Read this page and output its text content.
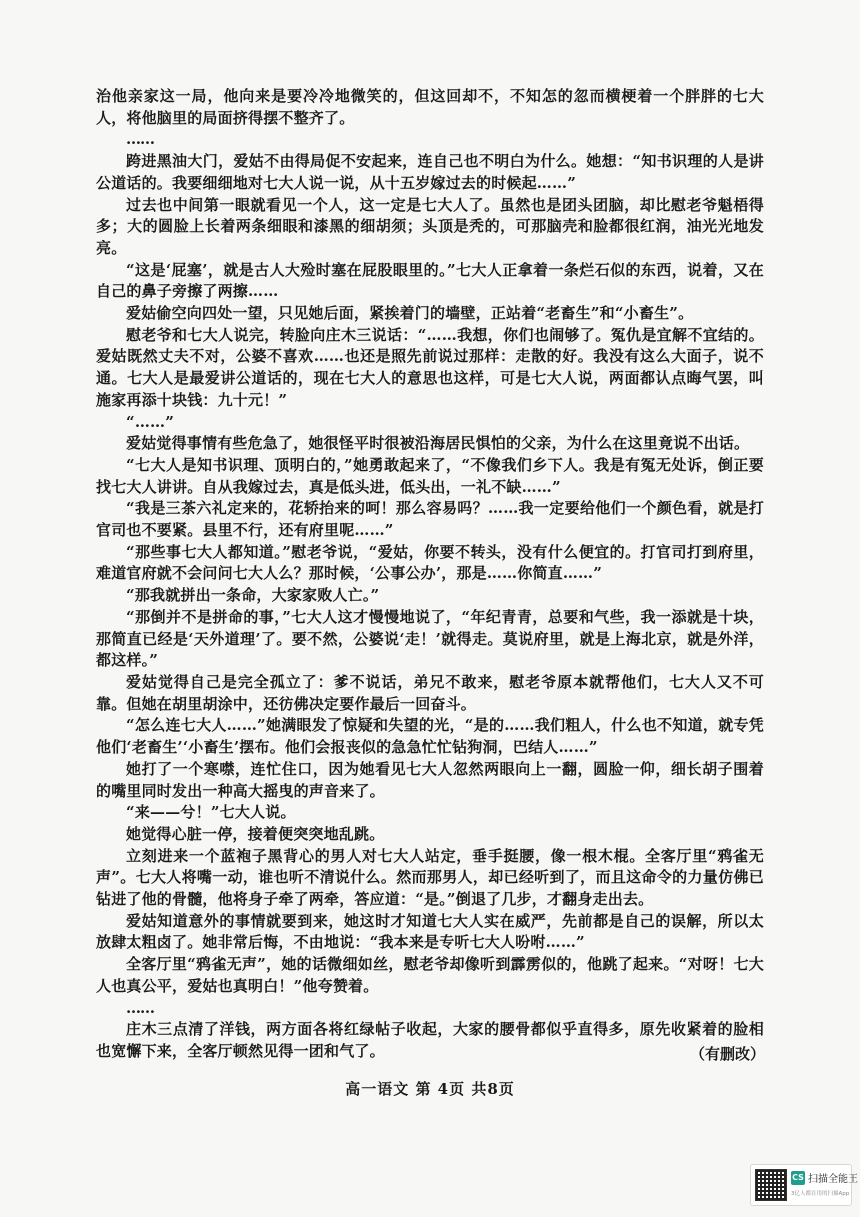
治他亲家这一局，他向来是要冷冷地微笑的，但这回却不，不知怎的忽而横梗着一个胖胖的七大人，将他脑里的局面挤得摆不整齐了。

……

跨进黑油大门，爱姑不由得局促不安起来，连自己也不明白为什么。她想：“知书识理的人是讲公道话的。我要细细地对七大人说一说，从十五岁嫁过去的时候起……”

过去也中间第一眼就看见一个人，这一定是七大人了。虽然也是团头团脑，却比慰老爷魁梧得多；大的圆脸上长着两条细眼和漆黑的细胡须；头顶是秃的，可那脑壳和脸都很红润，油光光地发亮。

“这是‘屁塞’，就是古人大殓时塞在屁股眼里的。”七大人正拿着一条烂石似的东西，说着，又在自己的鼻子旁擦了两擦……

爱姑偷空向四处一望，只见她后面，紧挨着门的墙壁，正站着“老畜生”和“小畜生”。

慰老爷和七大人说完，转脸向庄木三说话：“……我想，你们也闹够了。冤仇是宜解不宜结的。爱姑既然丈夫不对，公婆不喜欢……也还是照先前说过那样：走散的好。我没有这么大面子，说不通。七大人是最爱讲公道话的，现在七大人的意思也这样，可是七大人说，两面都认点晦气罢，叫施家再添十块钱：九十元！”

“……”

爱姑觉得事情有些危急了，她很怪平时很被沿海居民惧怕的父亲，为什么在这里竟说不出话。

“七大人是知书识理、顶明白的，”她勇敢起来了，“不像我们乡下人。我是有冤无处诉，倒正要找七大人讲讲。自从我嫁过去，真是低头进，低头出，一礼不缺……”

“我是三茶六礼定来的，花轿抬来的呵！那么容易吗？……我一定要给他们一个颜色看，就是打官司也不要紧。县里不行，还有府里呢……”

“那些事七大人都知道。”慰老爷说，“爱姑，你要不转头，没有什么便宜的。打官司打到府里，难道官府就不会问问七大人么？那时候，‘公事公办’，那是……你简直……”

“那我就拼出一条命，大家家败人亡。”

“那倒并不是拼命的事，”七大人这才慢慢地说了，“年纪青青，总要和气些，我一添就是十块，那简直已经是‘天外道理’了。要不然，公婆说‘走！’就得走。莫说府里，就是上海北京，就是外洋，都这样。”

爱姑觉得自己是完全孤立了：爹不说话，弟兄不敢来，慰老爷原本就帮他们，七大人又不可靠。但她在胡里胡涂中，还彷佛决定要作最后一回奋斗。

“怎么连七大人……”她满眼发了惊疑和失望的光，“是的……我们粗人，什么也不知道，就专凭他们‘老畜生’‘小畜生’摆布。他们会报丧似的急急忙忙钻狗洞，巴结人……”

她打了一个寒噤，连忙住口，因为她看见七大人忽然两眼向上一翻，圆脸一仰，细长胡子围着的嘴里同时发出一种高大摇曳的声音来了。

“来——兮！”七大人说。

她觉得心脏一停，接着便突突地乱跳。

立刻进来一个蓝袍子黑背心的男人对七大人站定，垂手挺腰，像一根木棍。全客厅里“鸦雀无声”。七大人将嘴一动，谁也听不清说什么。然而那男人，却已经听到了，而且这命令的力量仿佛已钻进了他的骨髓，他将身子牵了两牵，答应道：“是。”倒退了几步，才翻身走出去。

爱姑知道意外的事情就要到来，她这时才知道七大人实在威严，先前都是自己的误解，所以太放肆太粗卤了。她非常后悔，不由地说：“我本来是专听七大人吩咐……”

全客厅里“鸦雀无声”，她的话微细如丝，慰老爷却像听到霹雳似的，他跳了起来。“对呀！七大人也真公平，爱姑也真明白！”他夸赞着。

……

庄木三点清了洋钱，两方面各将红绿帖子收起，大家的腰骨都似乎直得多，原先收紧着的脸相也宽懈下来，全客厅顿然见得一团和气了。	（有删改）
高一语文 第 4页 共8页
CS 扫描全能王
3亿人都在用的扫描App
